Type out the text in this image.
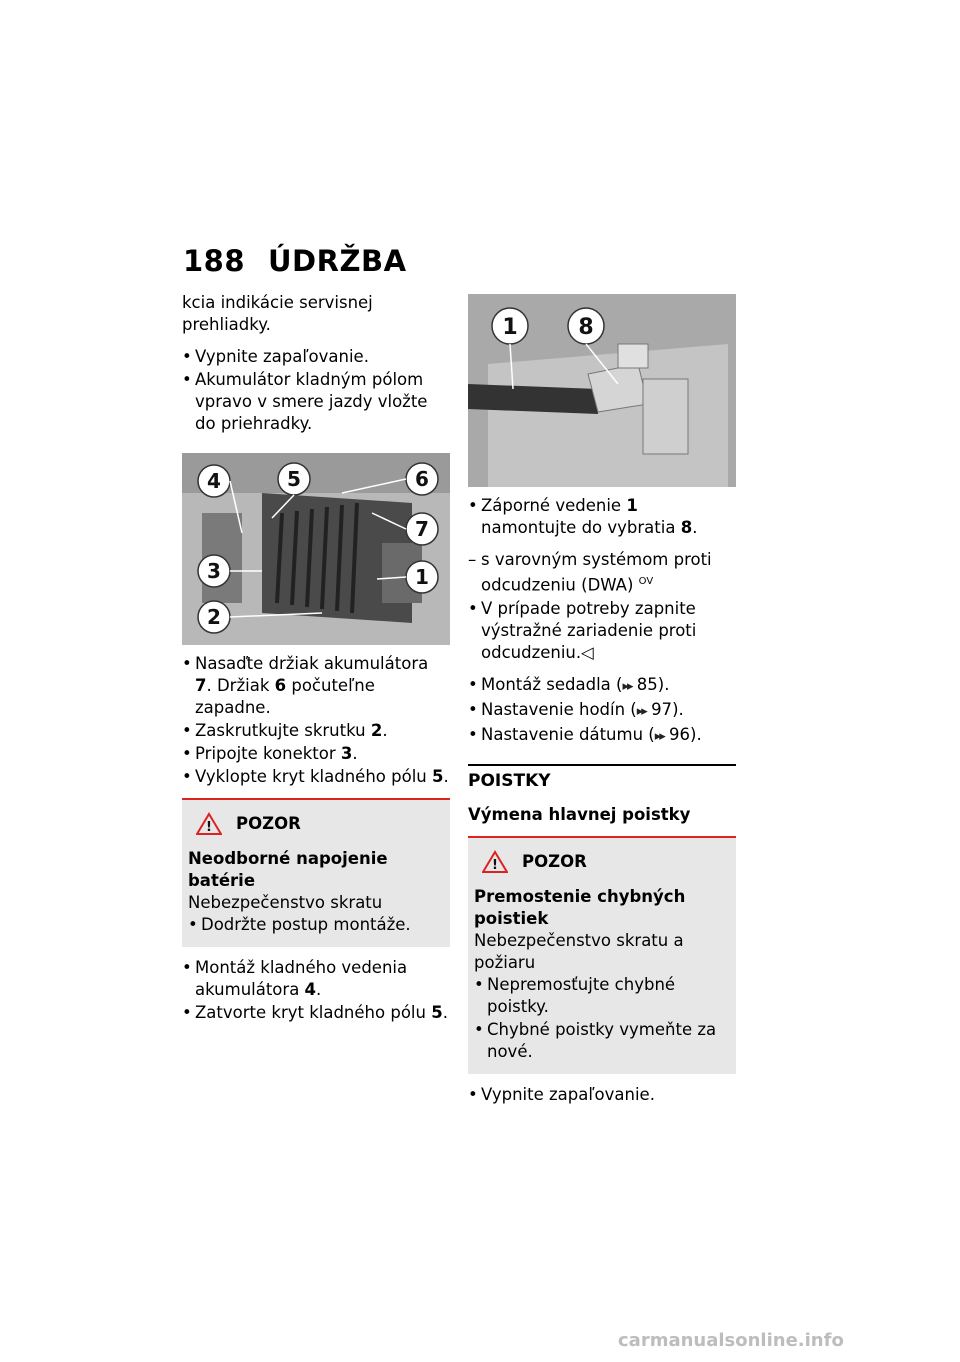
188 ÚDRŽBA

kcia indikácie servisnej prehliadky.

• Vypnite zapaľovanie.
• Akumulátor kladným pólom vpravo v smere jazdy vložte do priehradky.
4	5	6
7
3	1
2
• Nasaďte držiak akumulátora 7. Držiak 6 počuteľne zapadne.
• Zaskrutkujte skrutku 2.
• Pripojte konektor 3.
• Vyklopte kryt kladného pólu 5.
! POZOR
Neodborné napojenie batérie
Nebezpečenstvo skratu
• Dodržte postup montáže.
• Montáž kladného vedenia akumulátora 4.
• Zatvorte kryt kladného pólu 5.
1	8
• Záporné vedenie 1 namontujte do vybratia 8.
– s varovným systémom proti odcudzeniu (DWA) $^{OV}$
• V prípade potreby zapnite výstražné zariadenie proti odcudzeniu.◁
• Montáž sedadla (▸▸ 85).
• Nastavenie hodín (▸▸ 97).
• Nastavenie dátumu (▸▸ 96).
POISTKY
Výmena hlavnej poistky
! POZOR
Premostenie chybných poistiek
Nebezpečenstvo skratu a požiaru
• Nepremosťujte chybné poistky.
• Chybné poistky vymeňte za nové.
• Vypnite zapaľovanie.
carmanualsonline.info
